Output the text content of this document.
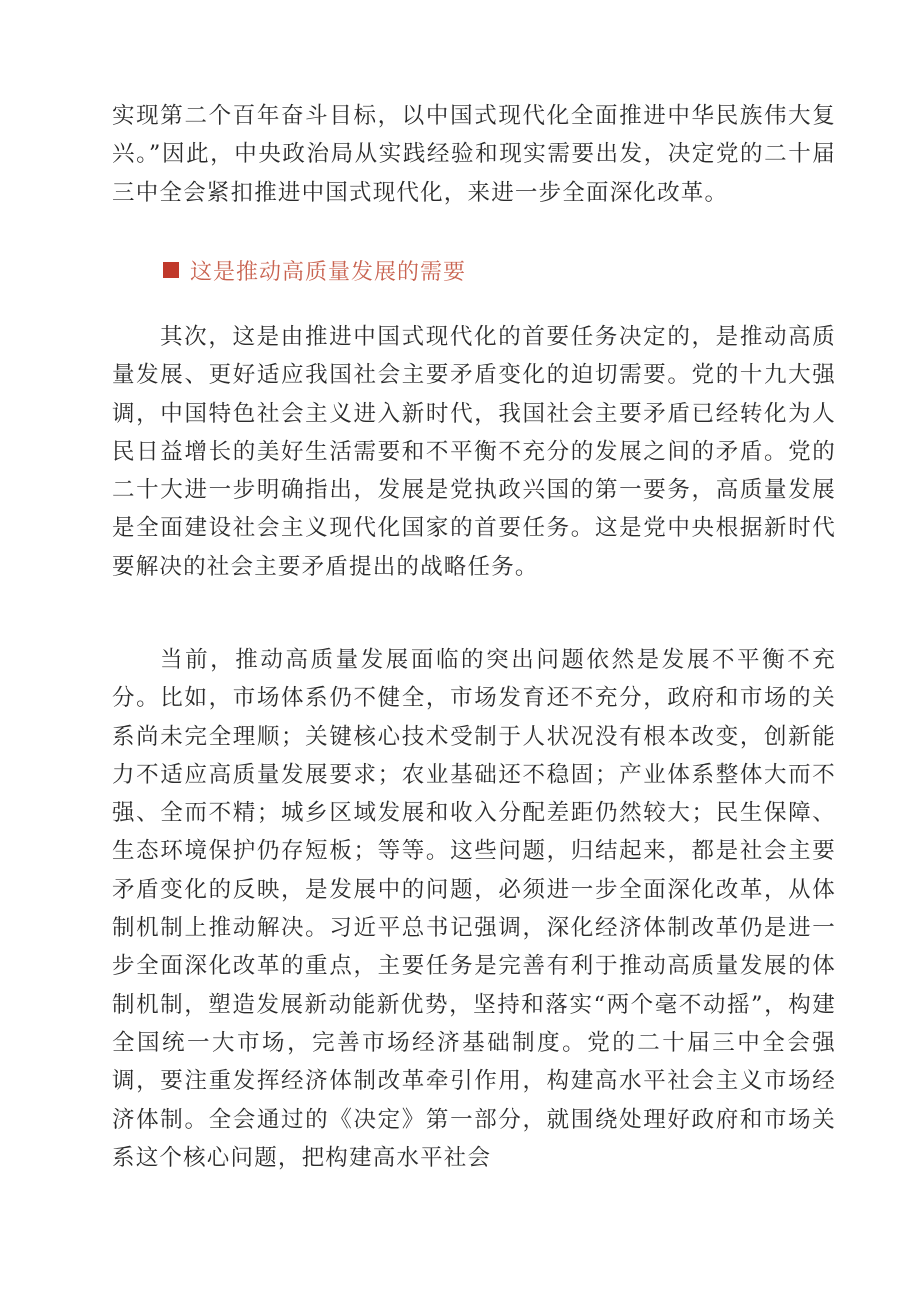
实现第二个百年奋斗目标，以中国式现代化全面推进中华民族伟大复兴。”因此，中央政治局从实践经验和现实需要出发，决定党的二十届三中全会紧扣推进中国式现代化，来进一步全面深化改革。

这是推动高质量发展的需要

其次，这是由推进中国式现代化的首要任务决定的，是推动高质量发展、更好适应我国社会主要矛盾变化的迫切需要。党的十九大强调，中国特色社会主义进入新时代，我国社会主要矛盾已经转化为人民日益增长的美好生活需要和不平衡不充分的发展之间的矛盾。党的二十大进一步明确指出，发展是党执政兴国的第一要务，高质量发展是全面建设社会主义现代化国家的首要任务。这是党中央根据新时代要解决的社会主要矛盾提出的战略任务。

当前，推动高质量发展面临的突出问题依然是发展不平衡不充分。比如，市场体系仍不健全，市场发育还不充分，政府和市场的关系尚未完全理顺；关键核心技术受制于人状况没有根本改变，创新能力不适应高质量发展要求；农业基础还不稳固；产业体系整体大而不强、全而不精；城乡区域发展和收入分配差距仍然较大；民生保障、生态环境保护仍存短板；等等。这些问题，归结起来，都是社会主要矛盾变化的反映，是发展中的问题，必须进一步全面深化改革，从体制机制上推动解决。习近平总书记强调，深化经济体制改革仍是进一步全面深化改革的重点，主要任务是完善有利于推动高质量发展的体制机制，塑造发展新动能新优势，坚持和落实“两个毫不动摇”，构建全国统一大市场，完善市场经济基础制度。党的二十届三中全会强调，要注重发挥经济体制改革牵引作用，构建高水平社会主义市场经济体制。全会通过的《决定》第一部分，就围绕处理好政府和市场关系这个核心问题，把构建高水平社会
